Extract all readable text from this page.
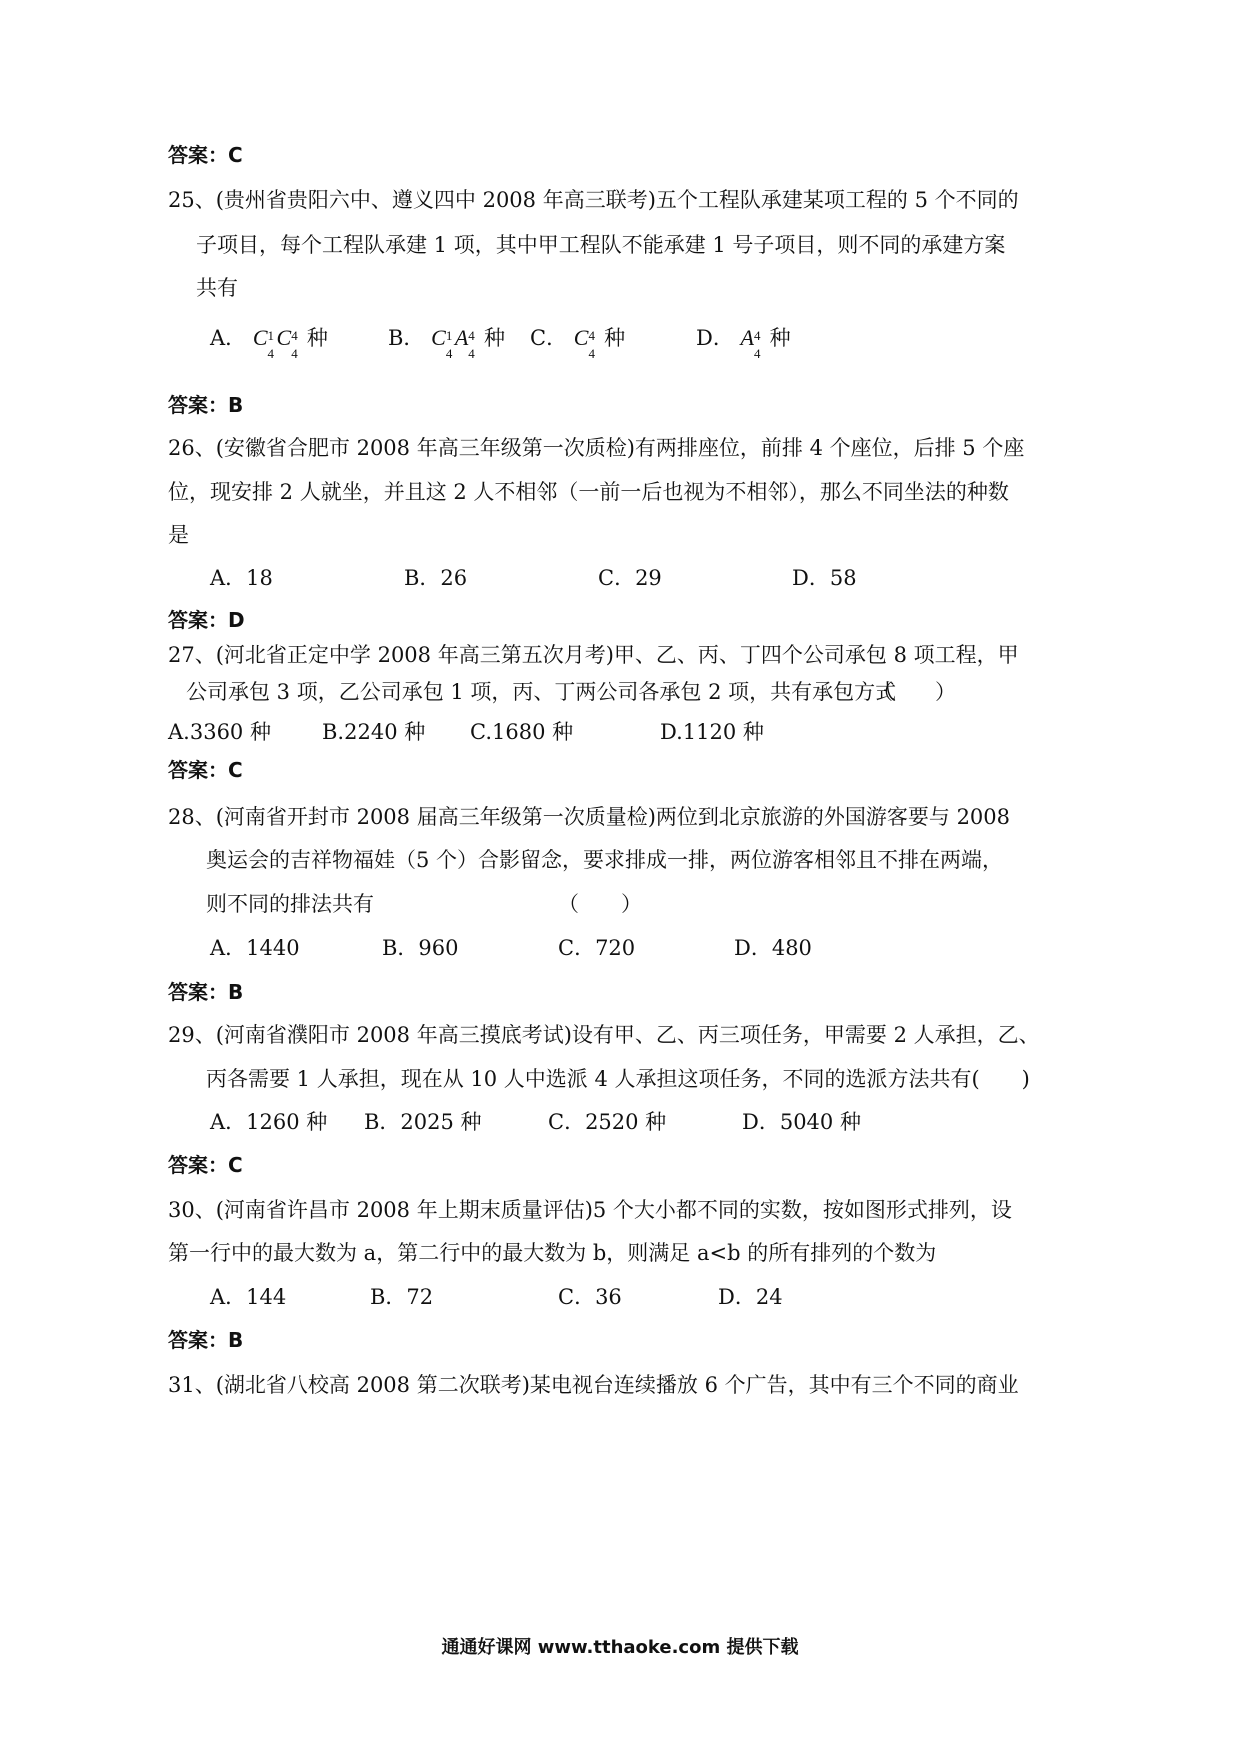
答案：C
25、(贵州省贵阳六中、遵义四中 2008 年高三联考)五个工程队承建某项工程的 5 个不同的
子项目，每个工程队承建 1 项，其中甲工程队不能承建 1 号子项目，则不同的承建方案
共有
A． C 1
4
C 4
4
种	B． C 1
4
A 4
4
种 C． C 4
4
种	D． A 4
4
种
答案：B
26、(安徽省合肥市 2008 年高三年级第一次质检)有两排座位，前排 4 个座位，后排 5 个座
位，现安排 2 人就坐，并且这 2 人不相邻（一前一后也视为不相邻），那么不同坐法的种数
是
A．18	B．26	C．29	D．58
答案：D
27、(河北省正定中学 2008 年高三第五次月考)甲、乙、丙、丁四个公司承包 8 项工程，甲
公司承包 3 项，乙公司承包 1 项，丙、丁两公司各承包 2 项，共有承包方式
（　　）
A.3360 种 B.2240 种 C.1680 种	D.1120 种
答案：C
28、(河南省开封市 2008 届高三年级第一次质量检)两位到北京旅游的外国游客要与 2008
奥运会的吉祥物福娃（5 个）合影留念，要求排成一排，两位游客相邻且不排在两端，
则不同的排法共有	（　　）
A．1440	B．960	C．720	D．480
答案：B
29、(河南省濮阳市 2008 年高三摸底考试)设有甲、乙、丙三项任务，甲需要 2 人承担，乙、
丙各需要 1 人承担，现在从 10 人中选派 4 人承担这项任务，不同的选派方法共有(　　)
A．1260 种 B．2025 种	C．2520 种	D．5040 种
答案：C
30、(河南省许昌市 2008 年上期末质量评估)5 个大小都不同的实数，按如图形式排列，设
第一行中的最大数为 a，第二行中的最大数为 b，则满足 a<b 的所有排列的个数为
A．144	B．72	C．36	D．24
答案：B
31、(湖北省八校高 2008 第二次联考)某电视台连续播放 6 个广告，其中有三个不同的商业
通通好课网 www.tthaoke.com 提供下载
